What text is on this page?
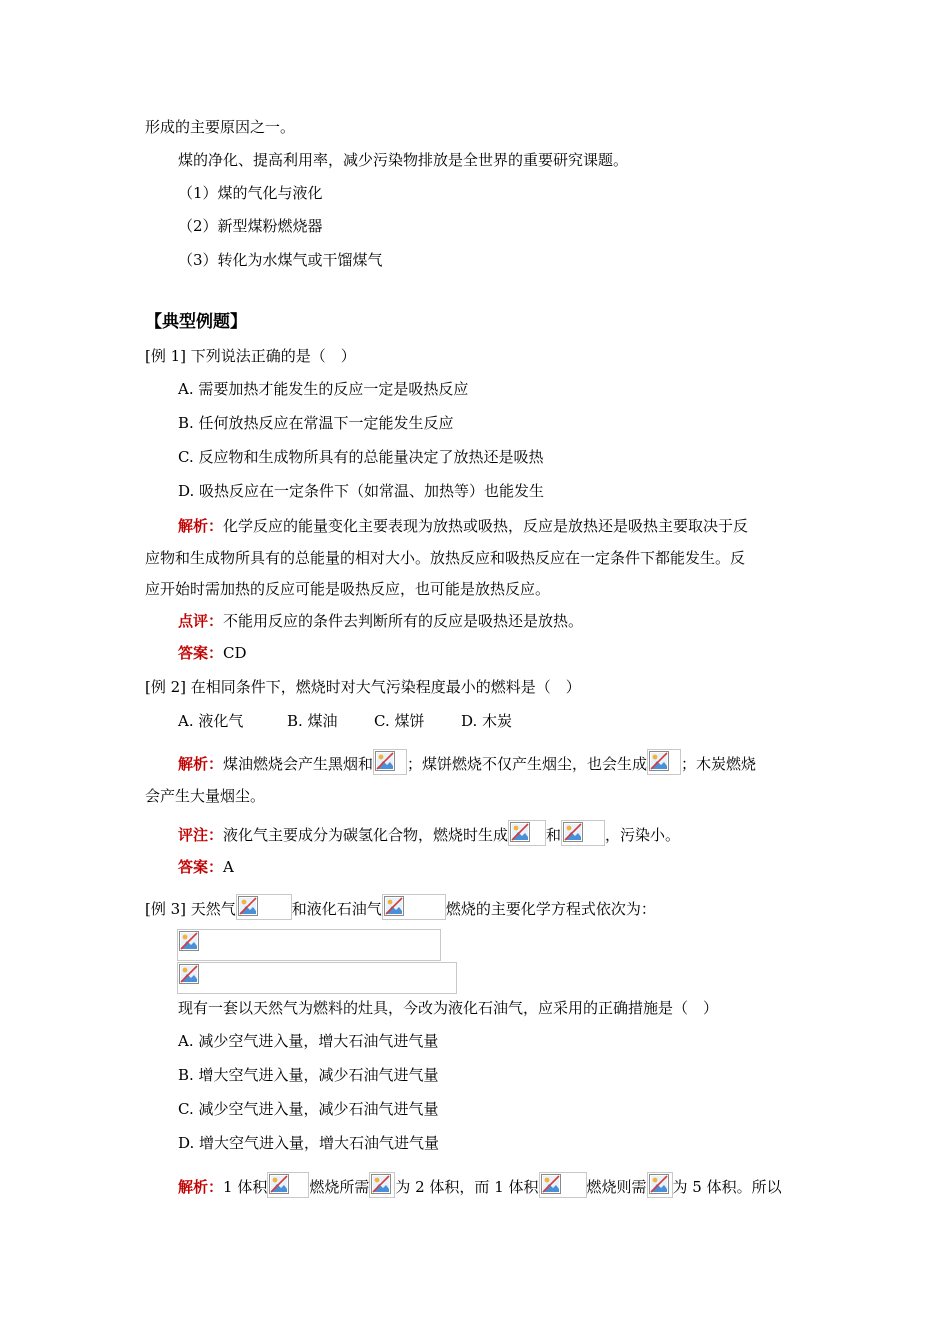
形成的主要原因之一。
煤的净化、提高利用率，减少污染物排放是全世界的重要研究课题。
（1）煤的气化与液化
（2）新型煤粉燃烧器
（3）转化为水煤气或干馏煤气
【典型例题】
[例 1] 下列说法正确的是（　）
A. 需要加热才能发生的反应一定是吸热反应
B. 任何放热反应在常温下一定能发生反应
C. 反应物和生成物所具有的总能量决定了放热还是吸热
D. 吸热反应在一定条件下（如常温、加热等）也能发生
解析：化学反应的能量变化主要表现为放热或吸热，反应是放热还是吸热主要取决于反
应物和生成物所具有的总能量的相对大小。放热反应和吸热反应在一定条件下都能发生。反
应开始时需加热的反应可能是吸热反应，也可能是放热反应。
点评：不能用反应的条件去判断所有的反应是吸热还是放热。
答案：CD
[例 2] 在相同条件下，燃烧时对大气污染程度最小的燃料是（　）
A. 液化气	B. 煤油 C. 煤饼 D. 木炭
解析：煤油燃烧会产生黑烟和 ；煤饼燃烧不仅产生烟尘，也会生成 ；木炭燃烧
会产生大量烟尘。
评注：液化气主要成分为碳氢化合物，燃烧时生成	和	，污染小。
答案：A
[例 3] 天然气	和液化石油气	燃烧的主要化学方程式依次为：
现有一套以天然气为燃料的灶具，今改为液化石油气，应采用的正确措施是（　）
A. 减少空气进入量，增大石油气进气量
B. 增大空气进入量，减少石油气进气量
C. 减少空气进入量，减少石油气进气量
D. 增大空气进入量，增大石油气进气量
解析：1 体积	燃烧所需 为 2 体积，而 1 体积	燃烧则需 为 5 体积。所以
